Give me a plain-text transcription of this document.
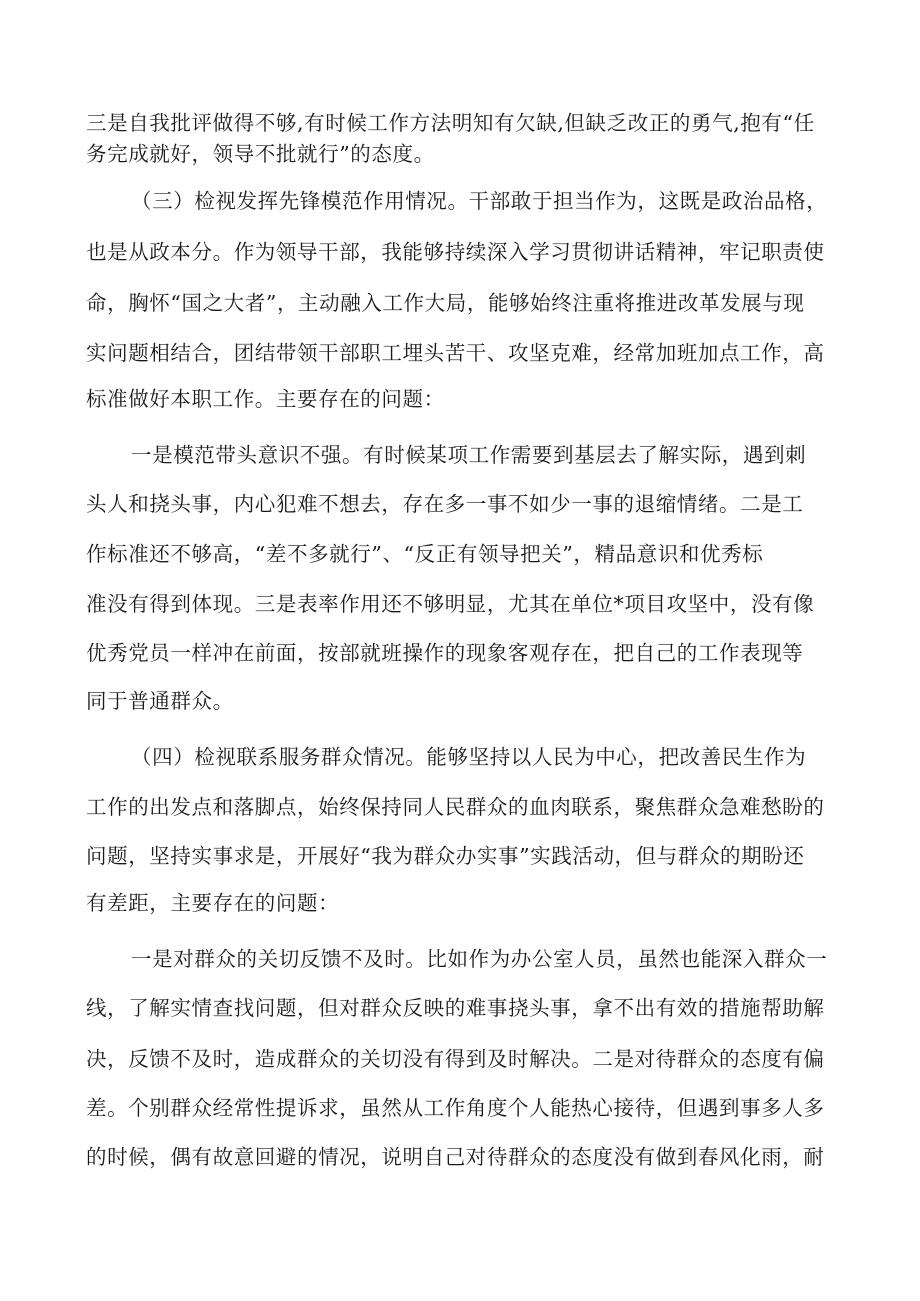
三是自我批评做得不够,有时候工作方法明知有欠缺,但缺乏改正的勇气,抱有“任

务完成就好，领导不批就行”的态度。

（三）检视发挥先锋模范作用情况。干部敢于担当作为，这既是政治品格，

也是从政本分。作为领导干部，我能够持续深入学习贯彻讲话精神，牢记职责使

命，胸怀“国之大者”，主动融入工作大局，能够始终注重将推进改革发展与现

实问题相结合，团结带领干部职工埋头苦干、攻坚克难，经常加班加点工作，高

标准做好本职工作。主要存在的问题：

一是模范带头意识不强。有时候某项工作需要到基层去了解实际，遇到刺

头人和挠头事，内心犯难不想去，存在多一事不如少一事的退缩情绪。二是工

作标准还不够高，“差不多就行”、“反正有领导把关”，精品意识和优秀标

准没有得到体现。三是表率作用还不够明显，尤其在单位*项目攻坚中，没有像

优秀党员一样冲在前面，按部就班操作的现象客观存在，把自己的工作表现等

同于普通群众。

（四）检视联系服务群众情况。能够坚持以人民为中心，把改善民生作为

工作的出发点和落脚点，始终保持同人民群众的血肉联系，聚焦群众急难愁盼的

问题，坚持实事求是，开展好“我为群众办实事”实践活动，但与群众的期盼还

有差距，主要存在的问题：

一是对群众的关切反馈不及时。比如作为办公室人员，虽然也能深入群众一

线，了解实情查找问题，但对群众反映的难事挠头事，拿不出有效的措施帮助解

决，反馈不及时，造成群众的关切没有得到及时解决。二是对待群众的态度有偏

差。个别群众经常性提诉求，虽然从工作角度个人能热心接待，但遇到事多人多

的时候，偶有故意回避的情况，说明自己对待群众的态度没有做到春风化雨，耐
